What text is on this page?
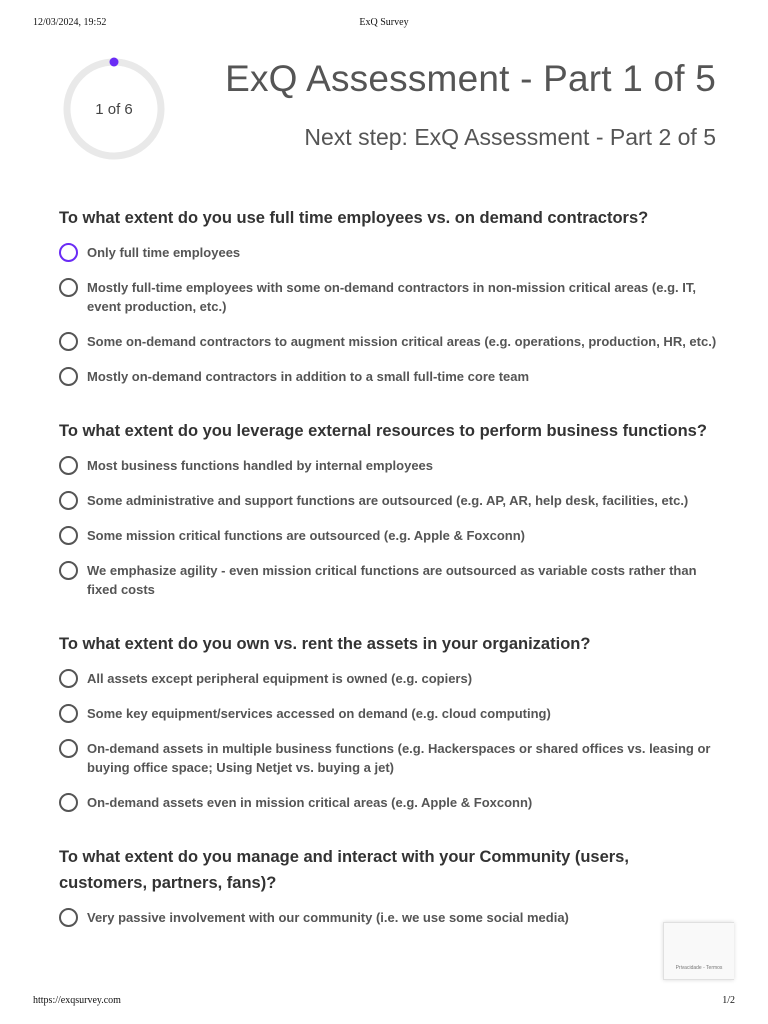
12/03/2024, 19:52	ExQ Survey
1 of 6
ExQ Assessment - Part 1 of 5
Next step: ExQ Assessment - Part 2 of 5
To what extent do you use full time employees vs. on demand contractors?
Only full time employees
Mostly full-time employees with some on-demand contractors in non-mission critical areas (e.g. IT, event production, etc.)
Some on-demand contractors to augment mission critical areas (e.g. operations, production, HR, etc.)
Mostly on-demand contractors in addition to a small full-time core team
To what extent do you leverage external resources to perform business functions?
Most business functions handled by internal employees
Some administrative and support functions are outsourced (e.g. AP, AR, help desk, facilities, etc.)
Some mission critical functions are outsourced (e.g. Apple & Foxconn)
We emphasize agility - even mission critical functions are outsourced as variable costs rather than fixed costs
To what extent do you own vs. rent the assets in your organization?
All assets except peripheral equipment is owned (e.g. copiers)
Some key equipment/services accessed on demand (e.g. cloud computing)
On-demand assets in multiple business functions (e.g. Hackerspaces or shared offices vs. leasing or buying office space; Using Netjet vs. buying a jet)
On-demand assets even in mission critical areas (e.g. Apple & Foxconn)
To what extent do you manage and interact with your Community (users, customers, partners, fans)?
Very passive involvement with our community (i.e. we use some social media)
Privacidade - Termos
https://exqsurvey.com	1/2
